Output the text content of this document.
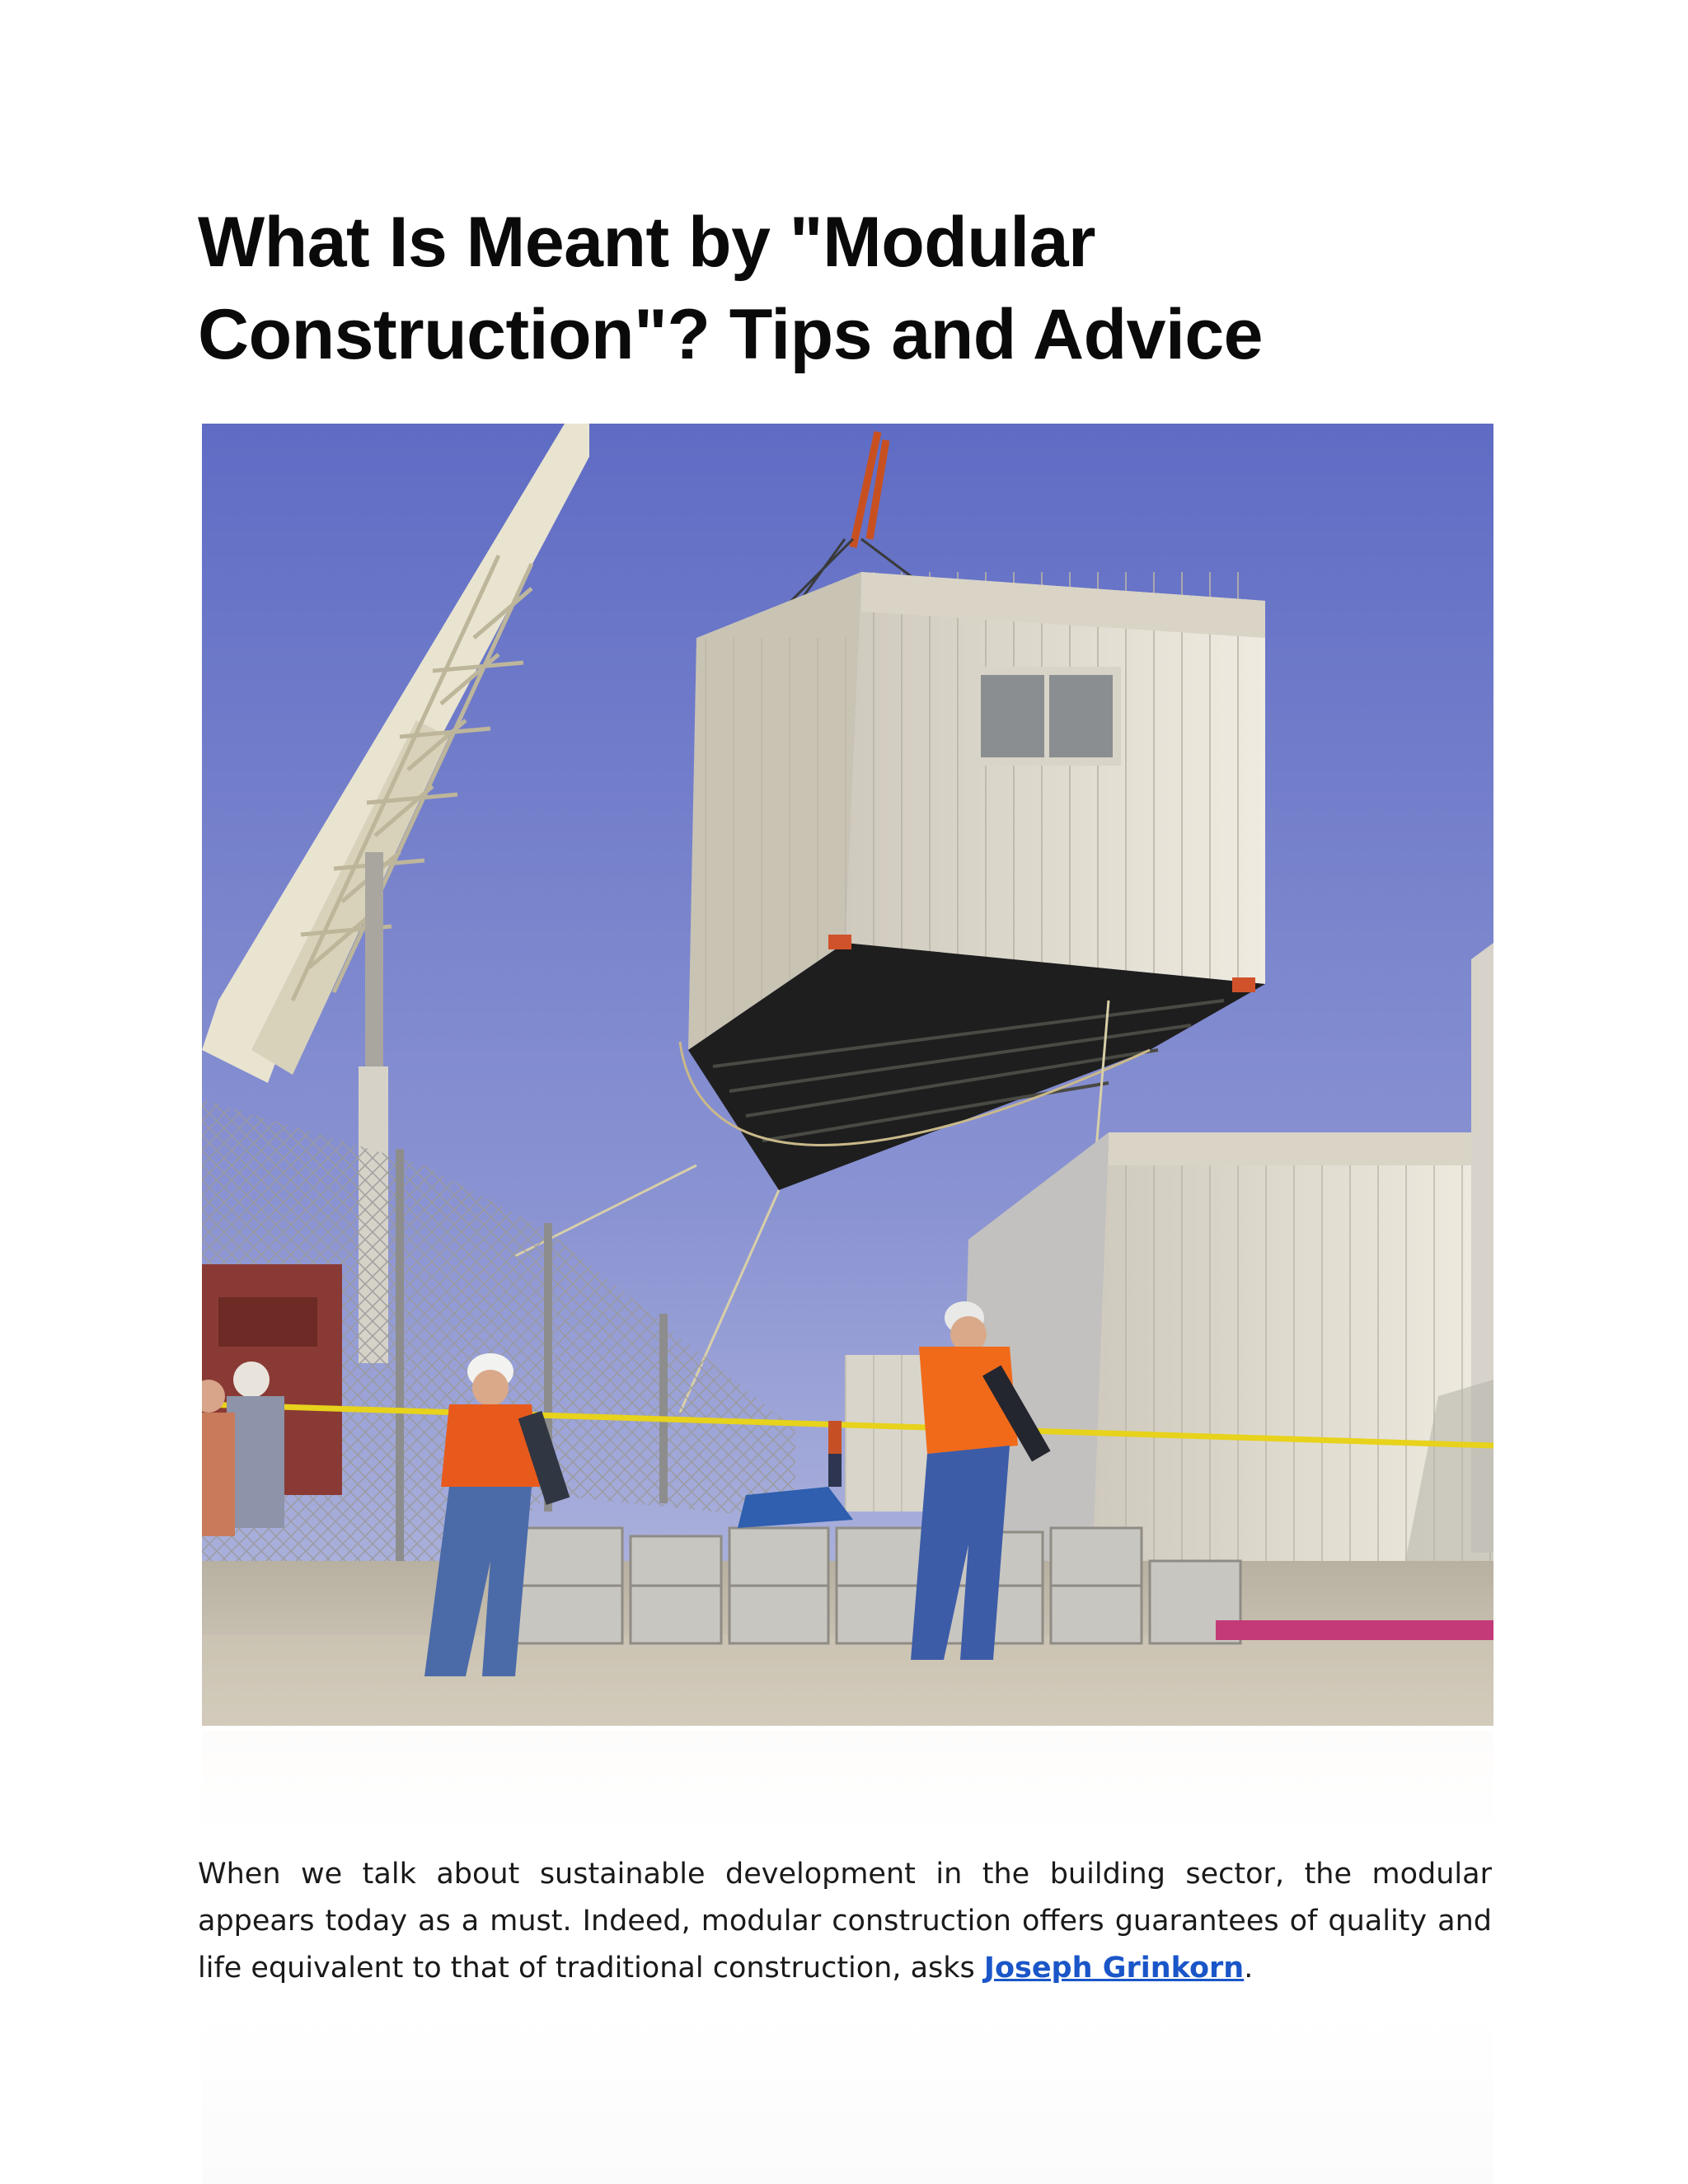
What Is Meant by "Modular
Construction"? Tips and Advice

When we talk about sustainable development in the building sector, the modular appears today as a must. Indeed, modular construction offers guarantees of quality and life equivalent to that of traditional construction, asks Joseph Grinkorn.
